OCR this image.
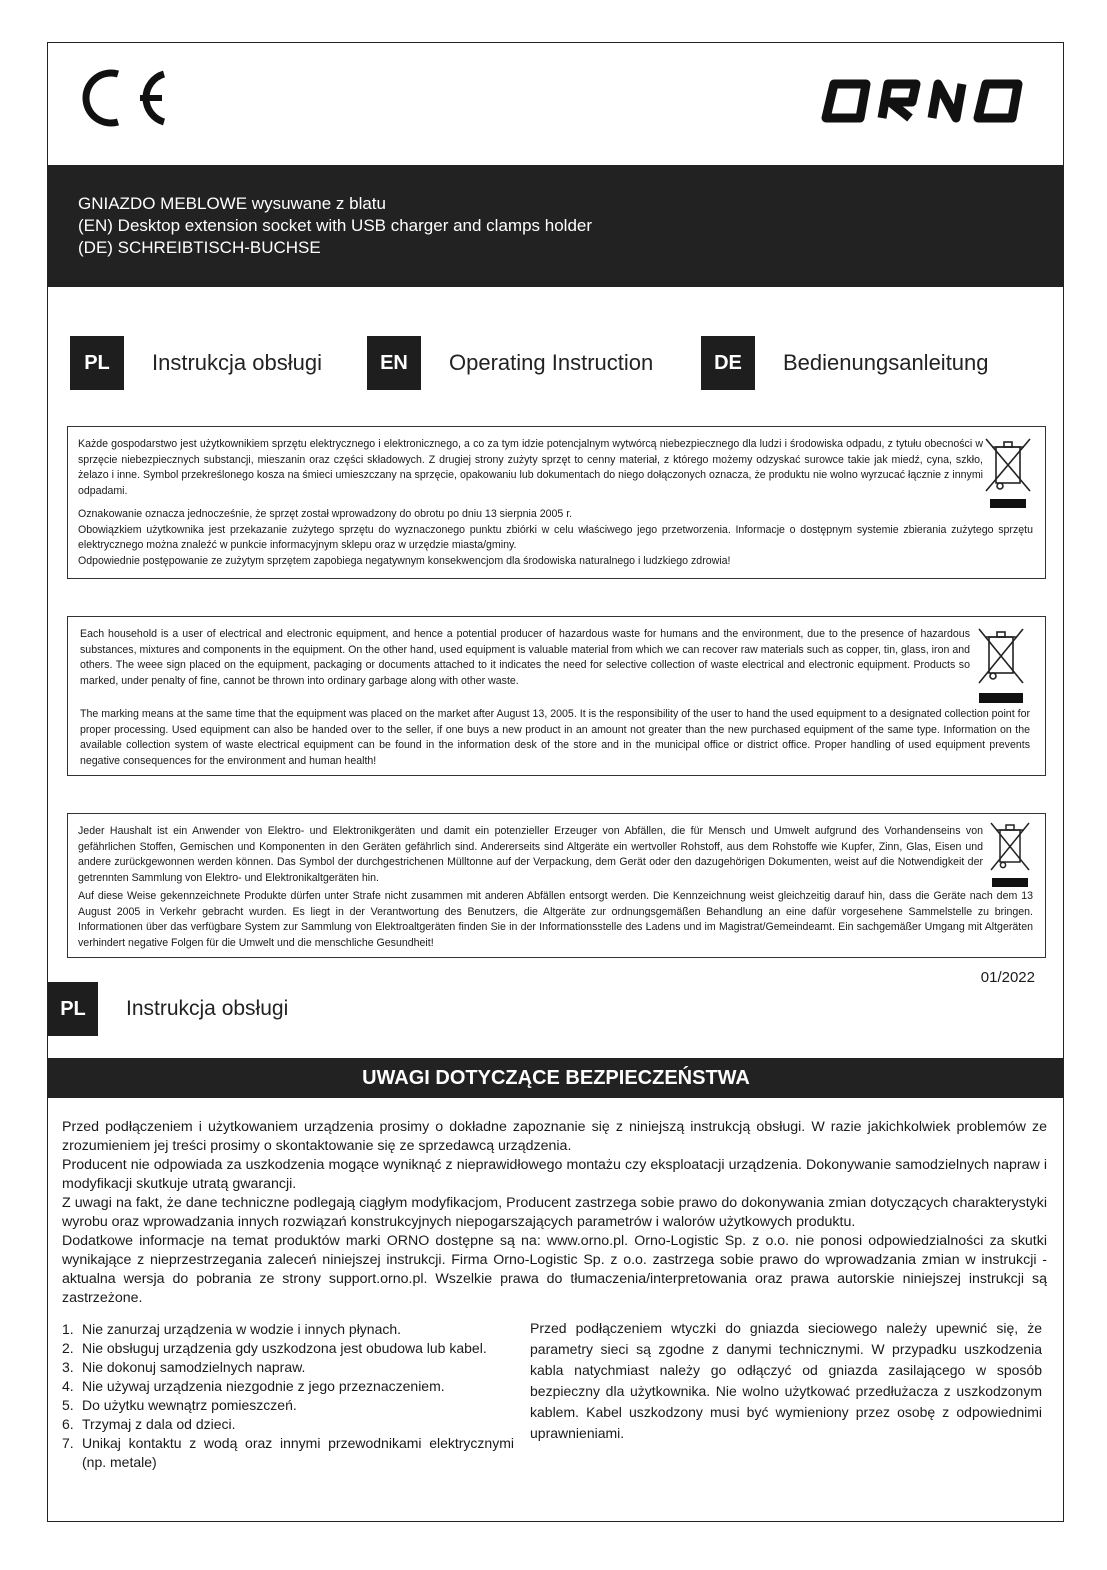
GNIAZDO MEBLOWE wysuwane z blatu
(EN) Desktop extension socket with USB charger and clamps holder
(DE) SCHREIBTISCH-BUCHSE
PL	Instrukcja obsługi	EN	Operating Instruction	DE	Bedienungsanleitung

Każde gospodarstwo jest użytkownikiem sprzętu elektrycznego i elektronicznego, a co za tym idzie potencjalnym wytwórcą niebezpiecznego dla ludzi i środowiska odpadu, z tytułu obecności w sprzęcie niebezpiecznych substancji, mieszanin oraz części składowych. Z drugiej strony zużyty sprzęt to cenny materiał, z którego możemy odzyskać surowce takie jak miedź, cyna, szkło, żelazo i inne. Symbol przekreślonego kosza na śmieci umieszczany na sprzęcie, opakowaniu lub dokumentach do niego dołączonych oznacza, że produktu nie wolno wyrzucać łącznie z innymi odpadami.

Oznakowanie oznacza jednocześnie, że sprzęt został wprowadzony do obrotu po dniu 13 sierpnia 2005 r.

Obowiązkiem użytkownika jest przekazanie zużytego sprzętu do wyznaczonego punktu zbiórki w celu właściwego jego przetworzenia. Informacje o dostępnym systemie zbierania zużytego sprzętu elektrycznego można znaleźć w punkcie informacyjnym sklepu oraz w urzędzie miasta/gminy.

Odpowiednie postępowanie ze zużytym sprzętem zapobiega negatywnym konsekwencjom dla środowiska naturalnego i ludzkiego zdrowia!

Each household is a user of electrical and electronic equipment, and hence a potential producer of hazardous waste for humans and the environment, due to the presence of hazardous substances, mixtures and components in the equipment. On the other hand, used equipment is valuable material from which we can recover raw materials such as copper, tin, glass, iron and others. The weee sign placed on the equipment, packaging or documents attached to it indicates the need for selective collection of waste electrical and electronic equipment. Products so marked, under penalty of fine, cannot be thrown into ordinary garbage along with other waste.

The marking means at the same time that the equipment was placed on the market after August 13, 2005. It is the responsibility of the user to hand the used equipment to a designated collection point for proper processing. Used equipment can also be handed over to the seller, if one buys a new product in an amount not greater than the new purchased equipment of the same type. Information on the available collection system of waste electrical equipment can be found in the information desk of the store and in the municipal office or district office. Proper handling of used equipment prevents negative consequences for the environment and human health!

Jeder Haushalt ist ein Anwender von Elektro- und Elektronikgeräten und damit ein potenzieller Erzeuger von Abfällen, die für Mensch und Umwelt aufgrund des Vorhandenseins von gefährlichen Stoffen, Gemischen und Komponenten in den Geräten gefährlich sind. Andererseits sind Altgeräte ein wertvoller Rohstoff, aus dem Rohstoffe wie Kupfer, Zinn, Glas, Eisen und andere zurückgewonnen werden können. Das Symbol der durchgestrichenen Mülltonne auf der Verpackung, dem Gerät oder den dazugehörigen Dokumenten, weist auf die Notwendigkeit der getrennten Sammlung von Elektro- und Elektronikaltgeräten hin.

Auf diese Weise gekennzeichnete Produkte dürfen unter Strafe nicht zusammen mit anderen Abfällen entsorgt werden. Die Kennzeichnung weist gleichzeitig darauf hin, dass die Geräte nach dem 13 August 2005 in Verkehr gebracht wurden. Es liegt in der Verantwortung des Benutzers, die Altgeräte zur ordnungsgemäßen Behandlung an eine dafür vorgesehene Sammelstelle zu bringen. Informationen über das verfügbare System zur Sammlung von Elektroaltgeräten finden Sie in der Informationsstelle des Ladens und im Magistrat/Gemeindeamt. Ein sachgemäßer Umgang mit Altgeräten verhindert negative Folgen für die Umwelt und die menschliche Gesundheit!

01/2022
PL	Instrukcja obsługi
UWAGI DOTYCZĄCE BEZPIECZEŃSTWA

Przed podłączeniem i użytkowaniem urządzenia prosimy o dokładne zapoznanie się z niniejszą instrukcją obsługi. W razie jakichkolwiek problemów ze zrozumieniem jej treści prosimy o skontaktowanie się ze sprzedawcą urządzenia.

Producent nie odpowiada za uszkodzenia mogące wyniknąć z nieprawidłowego montażu czy eksploatacji urządzenia. Dokonywanie samodzielnych napraw i modyfikacji skutkuje utratą gwarancji.

Z uwagi na fakt, że dane techniczne podlegają ciągłym modyfikacjom, Producent zastrzega sobie prawo do dokonywania zmian dotyczących charakterystyki wyrobu oraz wprowadzania innych rozwiązań konstrukcyjnych niepogarszających parametrów i walorów użytkowych produktu.

Dodatkowe informacje na temat produktów marki ORNO dostępne są na: www.orno.pl. Orno-Logistic Sp. z o.o. nie ponosi odpowiedzialności za skutki wynikające z nieprzestrzegania zaleceń niniejszej instrukcji. Firma Orno-Logistic Sp. z o.o. zastrzega sobie prawo do wprowadzania zmian w instrukcji - aktualna wersja do pobrania ze strony support.orno.pl. Wszelkie prawa do tłumaczenia/interpretowania oraz prawa autorskie niniejszej instrukcji są zastrzeżone.

1. Nie zanurzaj urządzenia w wodzie i innych płynach.
2. Nie obsługuj urządzenia gdy uszkodzona jest obudowa lub kabel.
3. Nie dokonuj samodzielnych napraw.
4. Nie używaj urządzenia niezgodnie z jego przeznaczeniem.
5. Do użytku wewnątrz pomieszczeń.
6. Trzymaj z dala od dzieci.
7. Unikaj kontaktu z wodą oraz innymi przewodnikami elektrycznymi (np. metale)
Przed podłączeniem wtyczki do gniazda sieciowego należy upewnić się, że parametry sieci są zgodne z danymi technicznymi. W przypadku uszkodzenia kabla natychmiast należy go odłączyć od gniazda zasilającego w sposób bezpieczny dla użytkownika. Nie wolno użytkować przedłużacza z uszkodzonym kablem. Kabel uszkodzony musi być wymieniony przez osobę z odpowiednimi uprawnieniami.
